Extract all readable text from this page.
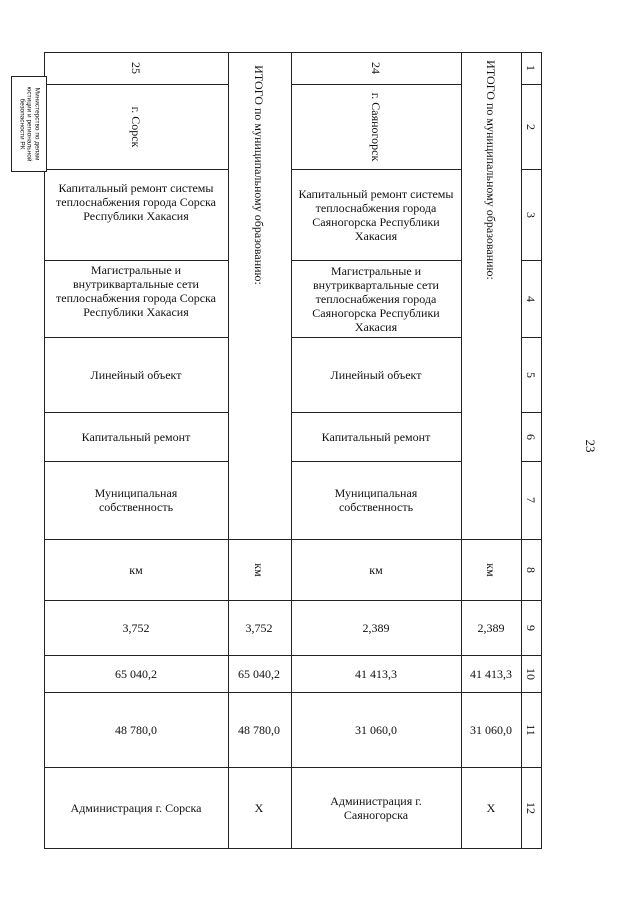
Министерство по делам
юстиции и региональной
безопасности РК
23
1
2
3
4
5
6
7
8
9
10
11
12
25
г. Сорск
Капитальный ремонт системы теплоснабжения города Сорска Республики Хакасия
Магистральные и внутриквартальные сети теплоснабжения города Сорска Республики Хакасия
Линейный объект
Капитальный ремонт
Муниципальная собственность
км
3,752
65 040,2
48 780,0
Администрация г. Сорска
ИТОГО по муниципальному образованию:
км
3,752
65 040,2
48 780,0
Х
24
г. Саяногорск
Капитальный ремонт системы теплоснабжения города Саяногорска Республики Хакасия
Магистральные и внутриквартальные сети теплоснабжения города Саяногорска Республики Хакасия
Линейный объект
Капитальный ремонт
Муниципальная собственность
км
2,389
41 413,3
31 060,0
Администрация г. Саяногорска
ИТОГО по муниципальному образованию:
км
2,389
41 413,3
31 060,0
Х
